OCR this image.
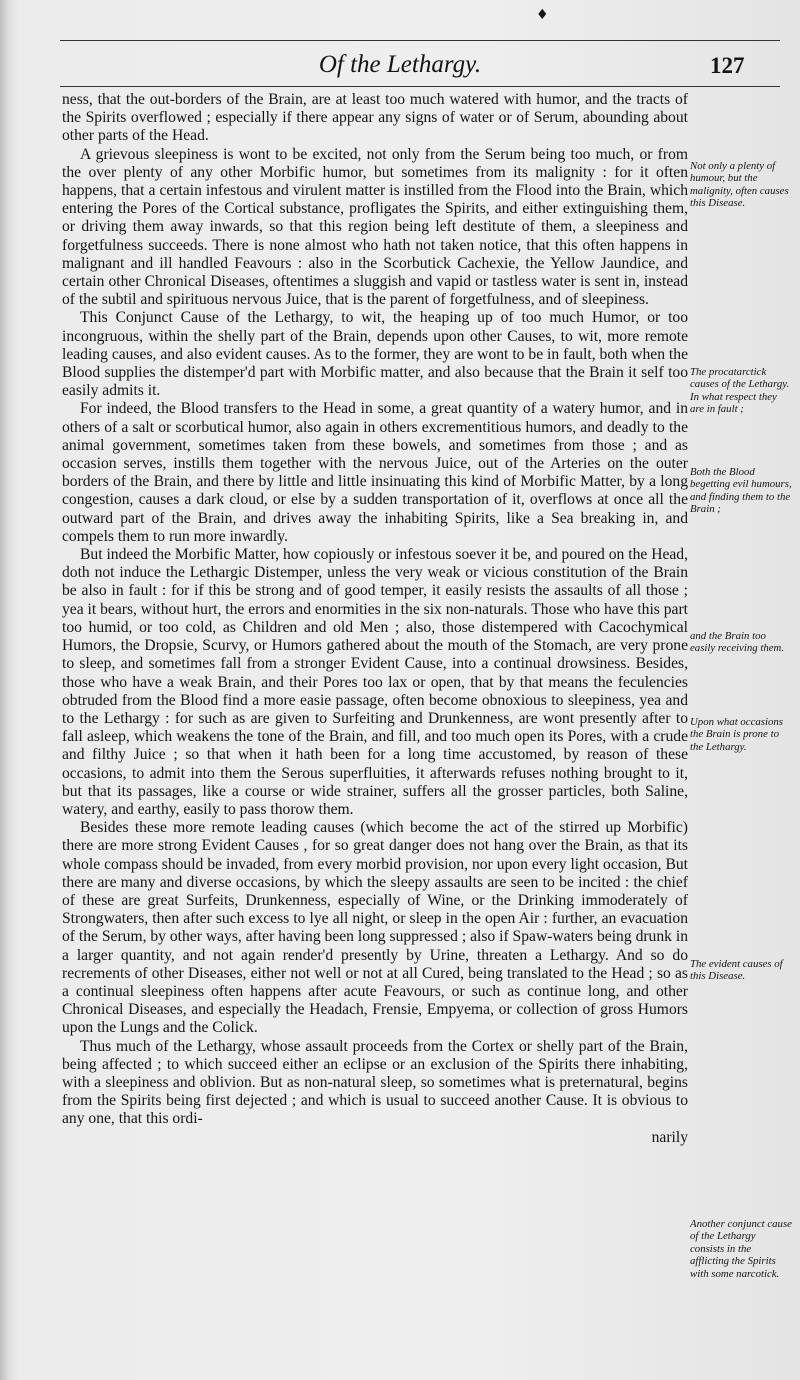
♦
Of the Lethargy.	127

ness, that the out-borders of the Brain, are at least too much watered with humor, and the tracts of the Spirits overflowed ; especially if there appear any signs of water or of Serum, abounding about other parts of the Head.

A grievous sleepiness is wont to be excited, not only from the Serum being too much, or from the over plenty of any other Morbific humor, but sometimes from its malignity : for it often happens, that a certain infestous and virulent matter is instilled from the Flood into the Brain, which entering the Pores of the Cortical substance, profligates the Spirits, and either extinguishing them, or driving them away inwards, so that this region being left destitute of them, a sleepiness and forgetfulness succeeds. There is none almost who hath not taken notice, that this often happens in malignant and ill handled Feavours : also in the Scorbutick Cachexie, the Yellow Jaundice, and certain other Chronical Diseases, oftentimes a sluggish and vapid or tastless water is sent in, instead of the subtil and spirituous nervous Juice, that is the parent of forgetfulness, and of sleepiness.

This Conjunct Cause of the Lethargy, to wit, the heaping up of too much Humor, or too incongruous, within the shelly part of the Brain, depends upon other Causes, to wit, more remote leading causes, and also evident causes. As to the former, they are wont to be in fault, both when the Blood supplies the distemper'd part with Morbific matter, and also because that the Brain it self too easily admits it.

For indeed, the Blood transfers to the Head in some, a great quantity of a watery humor, and in others of a salt or scorbutical humor, also again in others excrementitious humors, and deadly to the animal government, sometimes taken from these bowels, and sometimes from those ; and as occasion serves, instills them together with the nervous Juice, out of the Arteries on the outer borders of the Brain, and there by little and little insinuating this kind of Morbific Matter, by a long congestion, causes a dark cloud, or else by a sudden transportation of it, overflows at once all the outward part of the Brain, and drives away the inhabiting Spirits, like a Sea breaking in, and compels them to run more inwardly.

But indeed the Morbific Matter, how copiously or infestous soever it be, and poured on the Head, doth not induce the Lethargic Distemper, unless the very weak or vicious constitution of the Brain be also in fault : for if this be strong and of good temper, it easily resists the assaults of all those ; yea it bears, without hurt, the errors and enormities in the six non-naturals. Those who have this part too humid, or too cold, as Children and old Men ; also, those distempered with Cacochymical Humors, the Dropsie, Scurvy, or Humors gathered about the mouth of the Stomach, are very prone to sleep, and sometimes fall from a stronger Evident Cause, into a continual drowsiness. Besides, those who have a weak Brain, and their Pores too lax or open, that by that means the feculencies obtruded from the Blood find a more easie passage, often become obnoxious to sleepiness, yea and to the Lethargy : for such as are given to Surfeiting and Drunkenness, are wont presently after to fall asleep, which weakens the tone of the Brain, and fill, and too much open its Pores, with a crude and filthy Juice ; so that when it hath been for a long time accustomed, by reason of these occasions, to admit into them the Serous superfluities, it afterwards refuses nothing brought to it, but that its passages, like a course or wide strainer, suffers all the grosser particles, both Saline, watery, and earthy, easily to pass thorow them.

Besides these more remote leading causes (which become the act of the stirred up Morbific) there are more strong Evident Causes , for so great danger does not hang over the Brain, as that its whole compass should be invaded, from every morbid provision, nor upon every light occasion, But there are many and diverse occasions, by which the sleepy assaults are seen to be incited : the chief of these are great Surfeits, Drunkenness, especially of Wine, or the Drinking immoderately of Strongwaters, then after such excess to lye all night, or sleep in the open Air : further, an evacuation of the Serum, by other ways, after having been long suppressed ; also if Spaw-waters being drunk in a larger quantity, and not again render'd presently by Urine, threaten a Lethargy. And so do recrements of other Diseases, either not well or not at all Cured, being translated to the Head ; so as a continual sleepiness often happens after acute Feavours, or such as continue long, and other Chronical Diseases, and especially the Headach, Frensie, Empyema, or collection of gross Humors upon the Lungs and the Colick.

Thus much of the Lethargy, whose assault proceeds from the Cortex or shelly part of the Brain, being affected ; to which succeed either an eclipse or an exclusion of the Spirits there inhabiting, with a sleepiness and oblivion. But as non-natural sleep, so sometimes what is preternatural, begins from the Spirits being first dejected ; and which is usual to succeed another Cause. It is obvious to any one, that this ordi-

narily

Not only a plenty of humour, but the malignity, often causes this Disease.
The procatarctick causes of the Lethargy. In what respect they are in fault ;
Both the Blood begetting evil humours, and finding them to the Brain ;
and the Brain too easily receiving them.
Upon what occasions the Brain is prone to the Lethargy.
The evident causes of this Disease.
Another conjunct cause of the Lethargy consists in the afflicting the Spirits with some narcotick.
